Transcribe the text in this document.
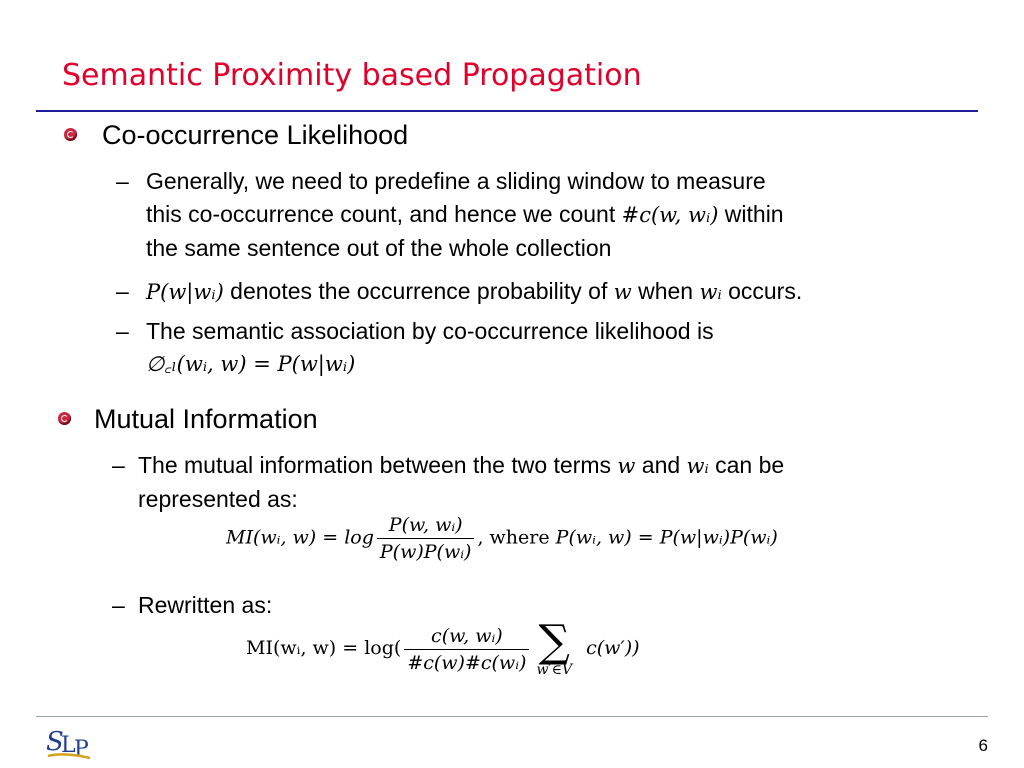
Semantic Proximity based Propagation
Co-occurrence Likelihood
– Generally, we need to predefine a sliding window to measure
this co-occurrence count, and hence we count #c(w, wᵢ) within
the same sentence out of the whole collection
– P(w|wᵢ) denotes the occurrence probability of w when wᵢ occurs.
– The semantic association by co-occurrence likelihood is
∅꜀ₗ(wᵢ, w) = P(w|wᵢ)
Mutual Information
– The mutual information between the two terms w and wᵢ can be
represented as:
MI(wᵢ, $w) = \log \frac{\text{P(w, wᵢ)}}{\text{P(w)P(wᵢ)}}$ , where P(wᵢ, w) = P(w|wᵢ)P(wᵢ)
– Rewritten as:
MI(wᵢ, $w) = \log( \frac{\text{c(w, wᵢ)}}{\text{\#c(w)\#c(wᵢ)}}$ ∑
w′∈V
c(w′))
S
L
P	6
